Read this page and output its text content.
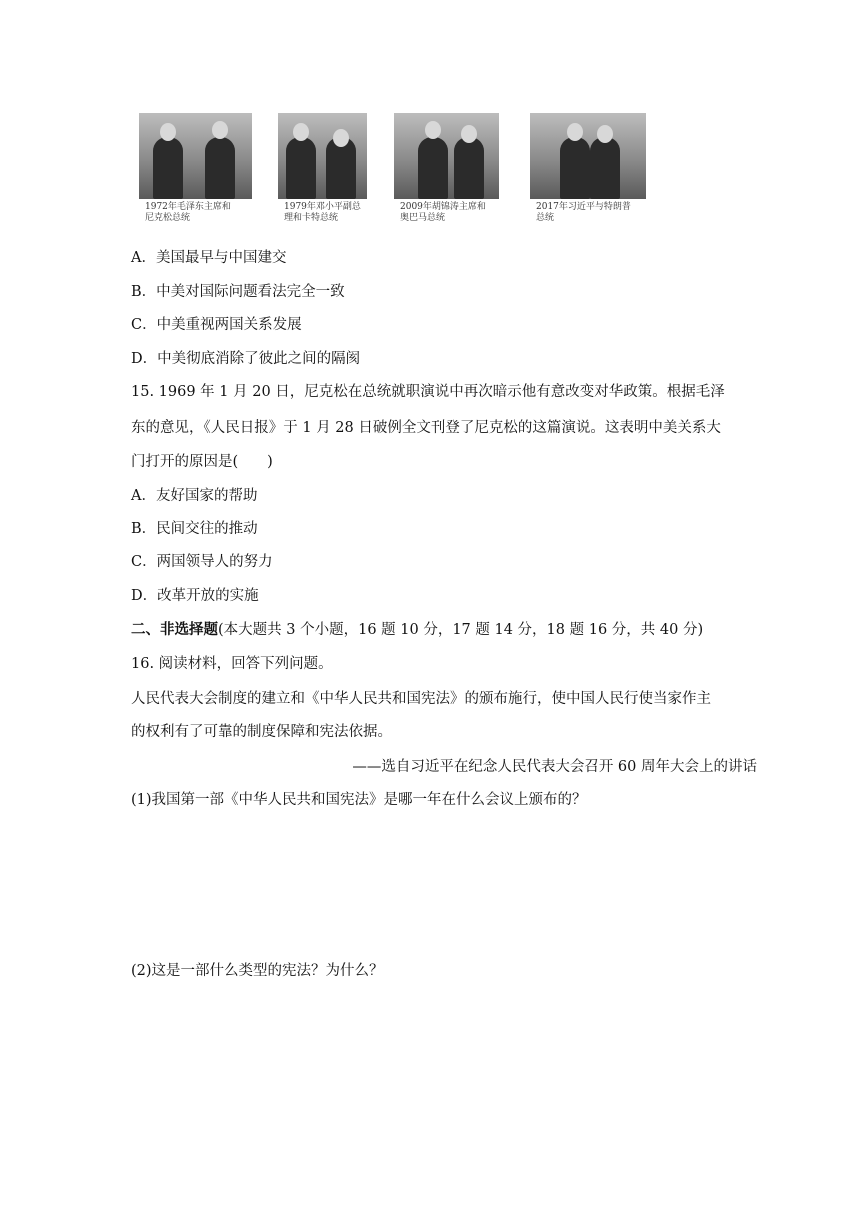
1972年毛泽东主席和
尼克松总统
1979年邓小平副总
理和卡特总统
2009年胡锦涛主席和
奥巴马总统
2017年习近平与特朗普
总统
A．美国最早与中国建交
B．中美对国际问题看法完全一致
C．中美重视两国关系发展
D．中美彻底消除了彼此之间的隔阂
15. 1969 年 1 月 20 日，尼克松在总统就职演说中再次暗示他有意改变对华政策。根据毛泽
东的意见，《人民日报》于 1 月 28 日破例全文刊登了尼克松的这篇演说。这表明中美关系大
门打开的原因是(　　)
A．友好国家的帮助
B．民间交往的推动
C．两国领导人的努力
D．改革开放的实施
二、非选择题(本大题共 3 个小题，16 题 10 分，17 题 14 分，18 题 16 分，共 40 分)
16. 阅读材料，回答下列问题。
人民代表大会制度的建立和《中华人民共和国宪法》的颁布施行，使中国人民行使当家作主
的权利有了可靠的制度保障和宪法依据。
——选自习近平在纪念人民代表大会召开 60 周年大会上的讲话
(1)我国第一部《中华人民共和国宪法》是哪一年在什么会议上颁布的？
(2)这是一部什么类型的宪法？为什么？
